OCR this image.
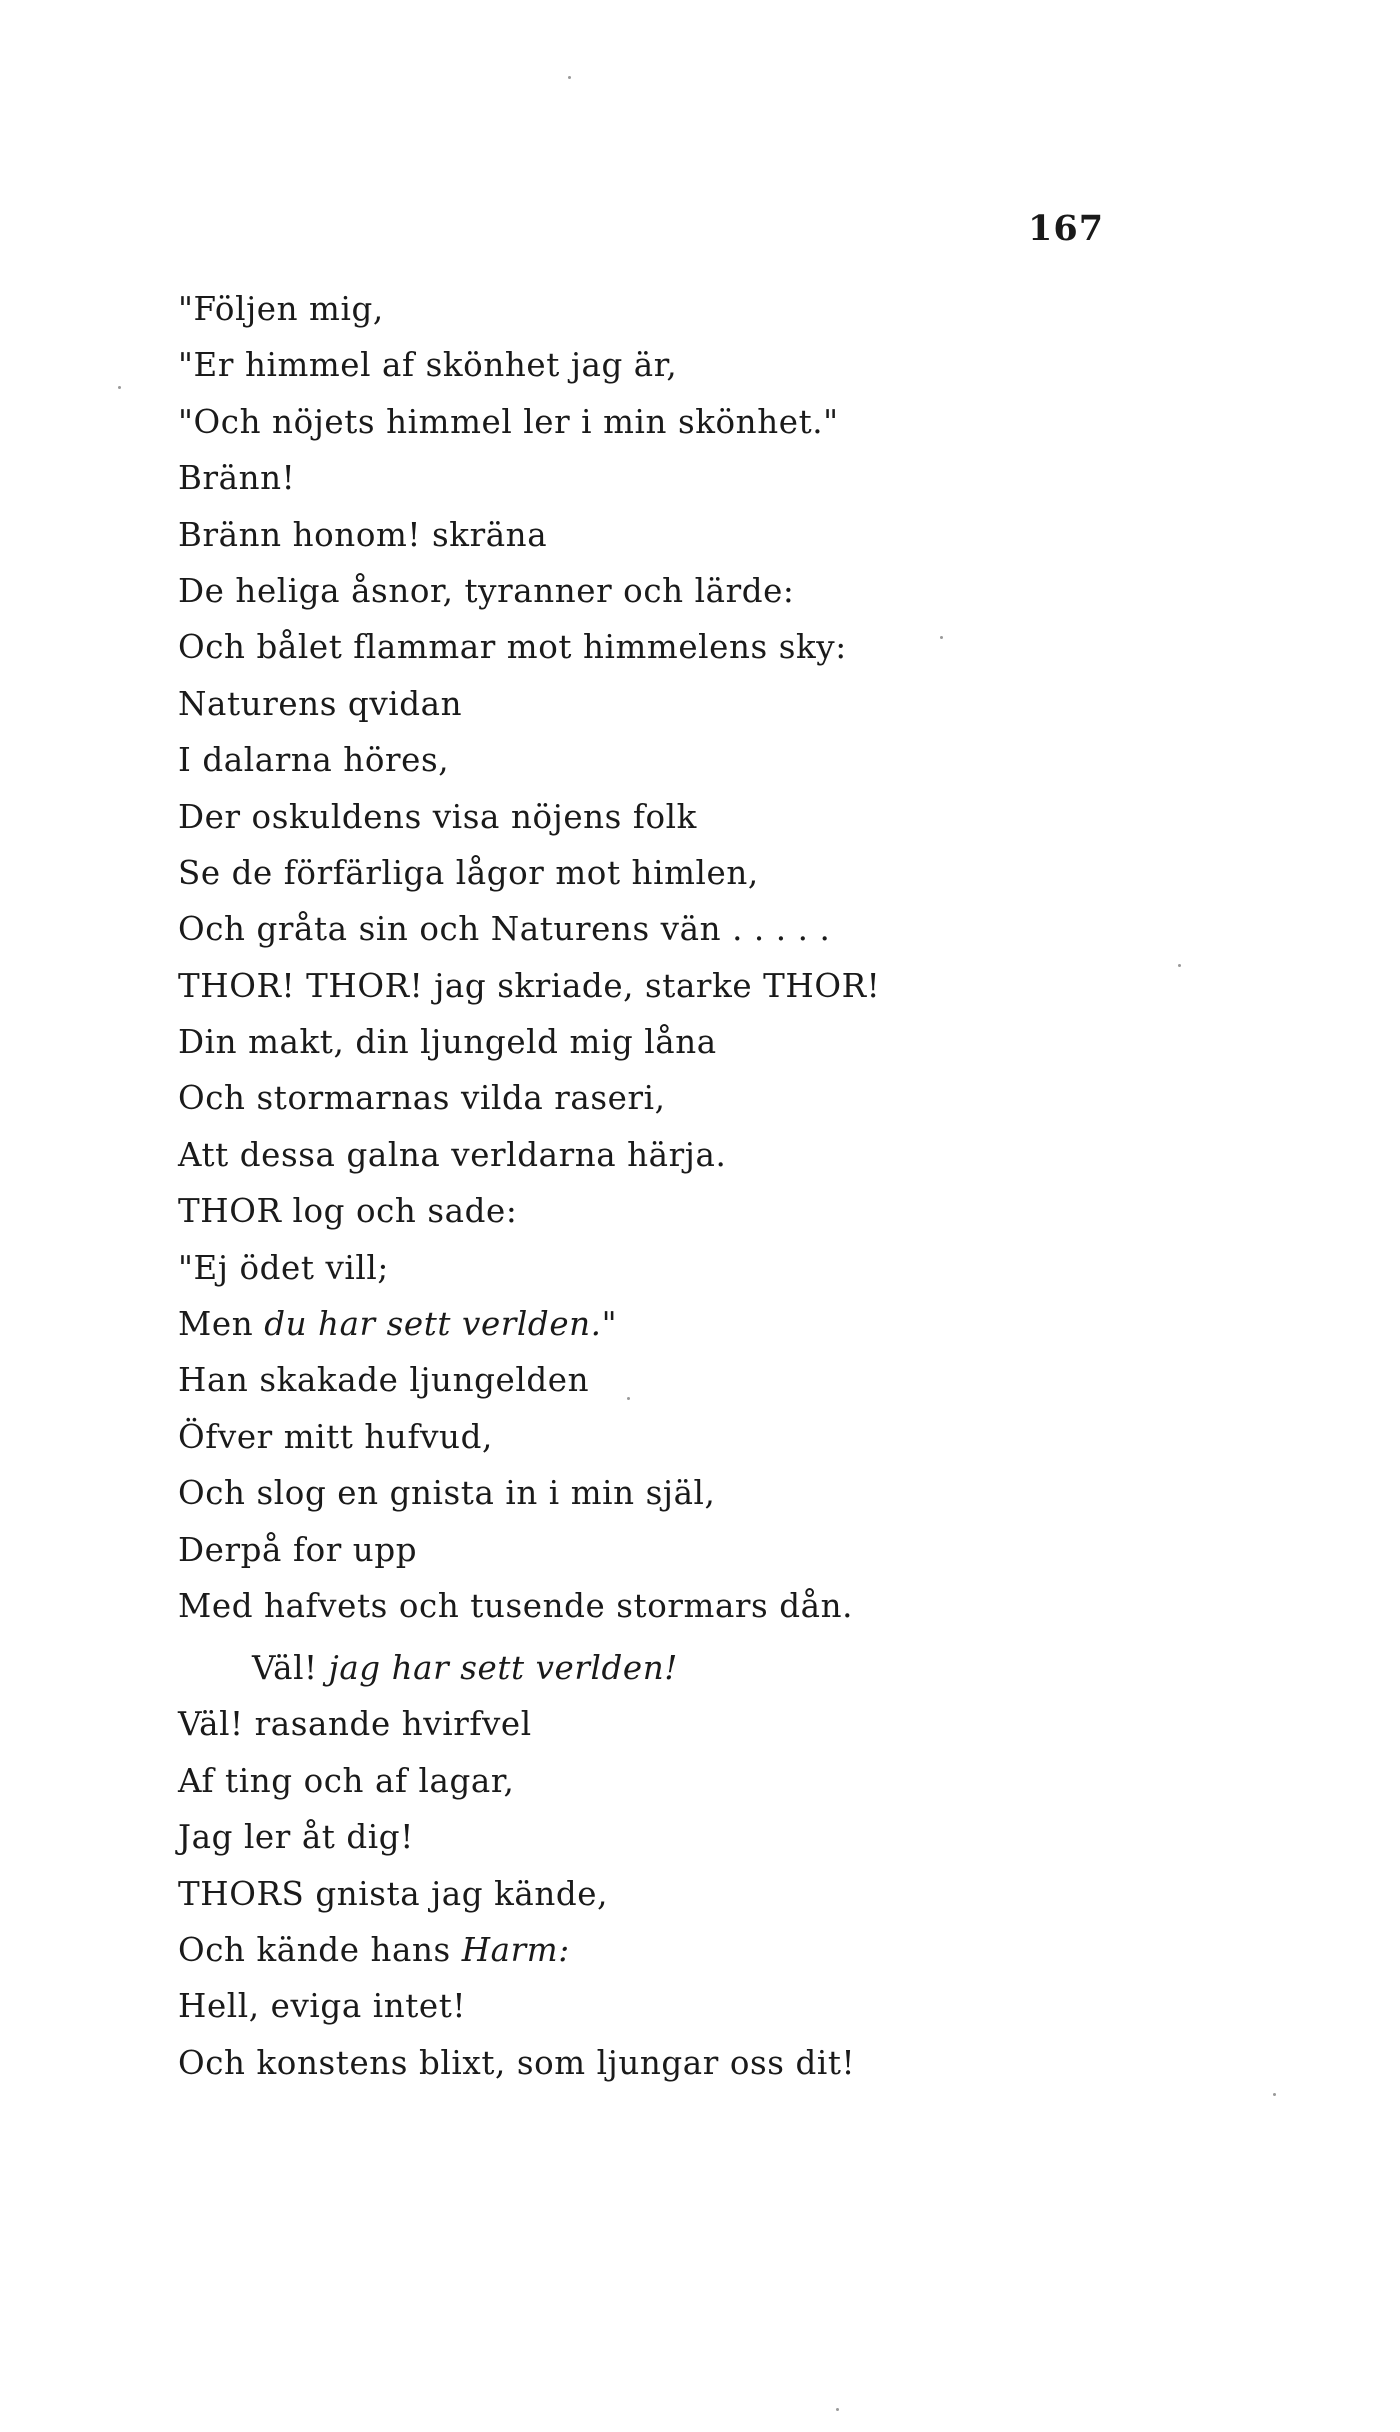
167
"Följen mig,
"Er himmel af skönhet jag är,
"Och nöjets himmel ler i min skönhet."
Bränn!
Bränn honom! skräna
De heliga åsnor, tyranner och lärde:
Och bålet flammar mot himmelens sky:
Naturens qvidan
I dalarna höres,
Der oskuldens visa nöjens folk
Se de förfärliga lågor mot himlen,
Och gråta sin och Naturens vän . . . . .
THOR! THOR! jag skriade, starke THOR!
Din makt, din ljungeld mig låna
Och stormarnas vilda raseri,
Att dessa galna verldarna härja.
THOR log och sade:
"Ej ödet vill;
Men du har sett verlden."
Han skakade ljungelden
Öfver mitt hufvud,
Och slog en gnista in i min själ,
Derpå for upp
Med hafvets och tusende stormars dån.
Väl! jag har sett verlden!
Väl! rasande hvirfvel
Af ting och af lagar,
Jag ler åt dig!
THORS gnista jag kände,
Och kände hans Harm:
Hell, eviga intet!
Och konstens blixt, som ljungar oss dit!
